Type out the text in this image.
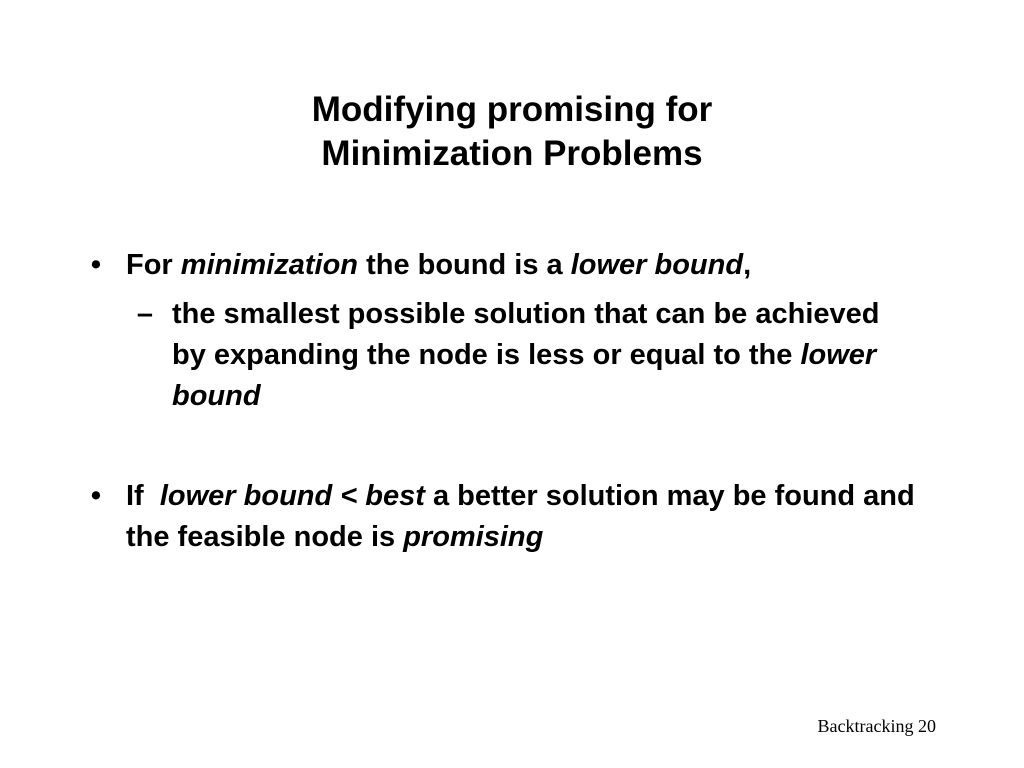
Modifying promising for
Minimization Problems
• For minimization the bound is a lower bound,
– the smallest possible solution that can be achieved by expanding the node is less or equal to the lower bound
• If  lower bound < best a better solution may be found and the feasible node is promising
Backtracking 20
